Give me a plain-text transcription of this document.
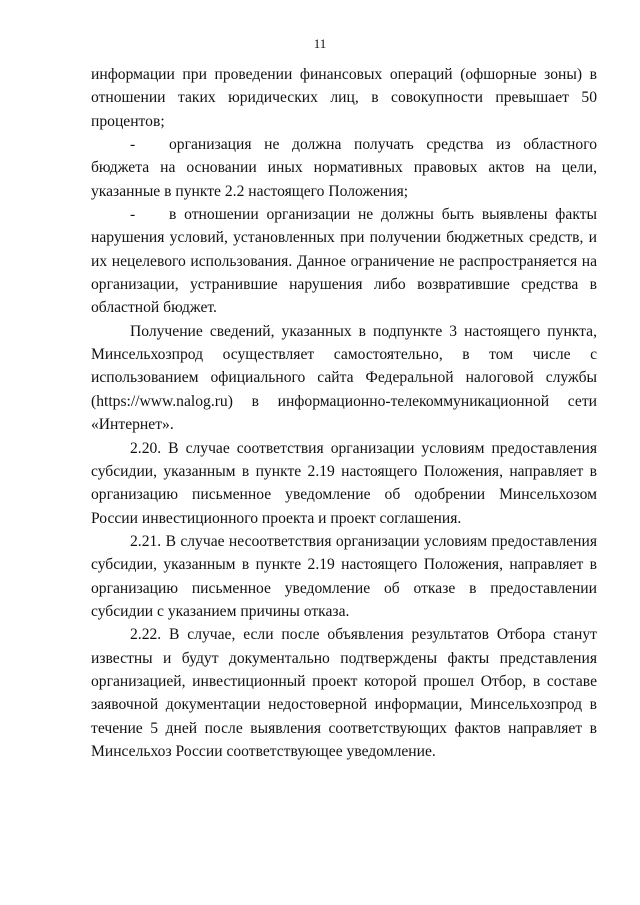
11

информации при проведении финансовых операций (офшорные зоны) в отношении таких юридических лиц, в совокупности превышает 50 процентов;

- организация не должна получать средства из областного бюджета на основании иных нормативных правовых актов на цели, указанные в пункте 2.2 настоящего Положения;

- в отношении организации не должны быть выявлены факты нарушения условий, установленных при получении бюджетных средств, и их нецелевого использования. Данное ограничение не распространяется на организации, устранившие нарушения либо возвратившие средства в областной бюджет.

Получение сведений, указанных в подпункте 3 настоящего пункта, Минсельхозпрод осуществляет самостоятельно, в том числе с использованием официального сайта Федеральной налоговой службы (https://www.nalog.ru) в информационно-телекоммуникационной сети «Интернет».

2.20. В случае соответствия организации условиям предоставления субсидии, указанным в пункте 2.19 настоящего Положения, направляет в организацию письменное уведомление об одобрении Минсельхозом России инвестиционного проекта и проект соглашения.

2.21. В случае несоответствия организации условиям предоставления субсидии, указанным в пункте 2.19 настоящего Положения, направляет в организацию письменное уведомление об отказе в предоставлении субсидии с указанием причины отказа.

2.22. В случае, если после объявления результатов Отбора станут известны и будут документально подтверждены факты представления организацией, инвестиционный проект которой прошел Отбор, в составе заявочной документации недостоверной информации, Минсельхозпрод в течение 5 дней после выявления соответствующих фактов направляет в Минсельхоз России соответствующее уведомление.
